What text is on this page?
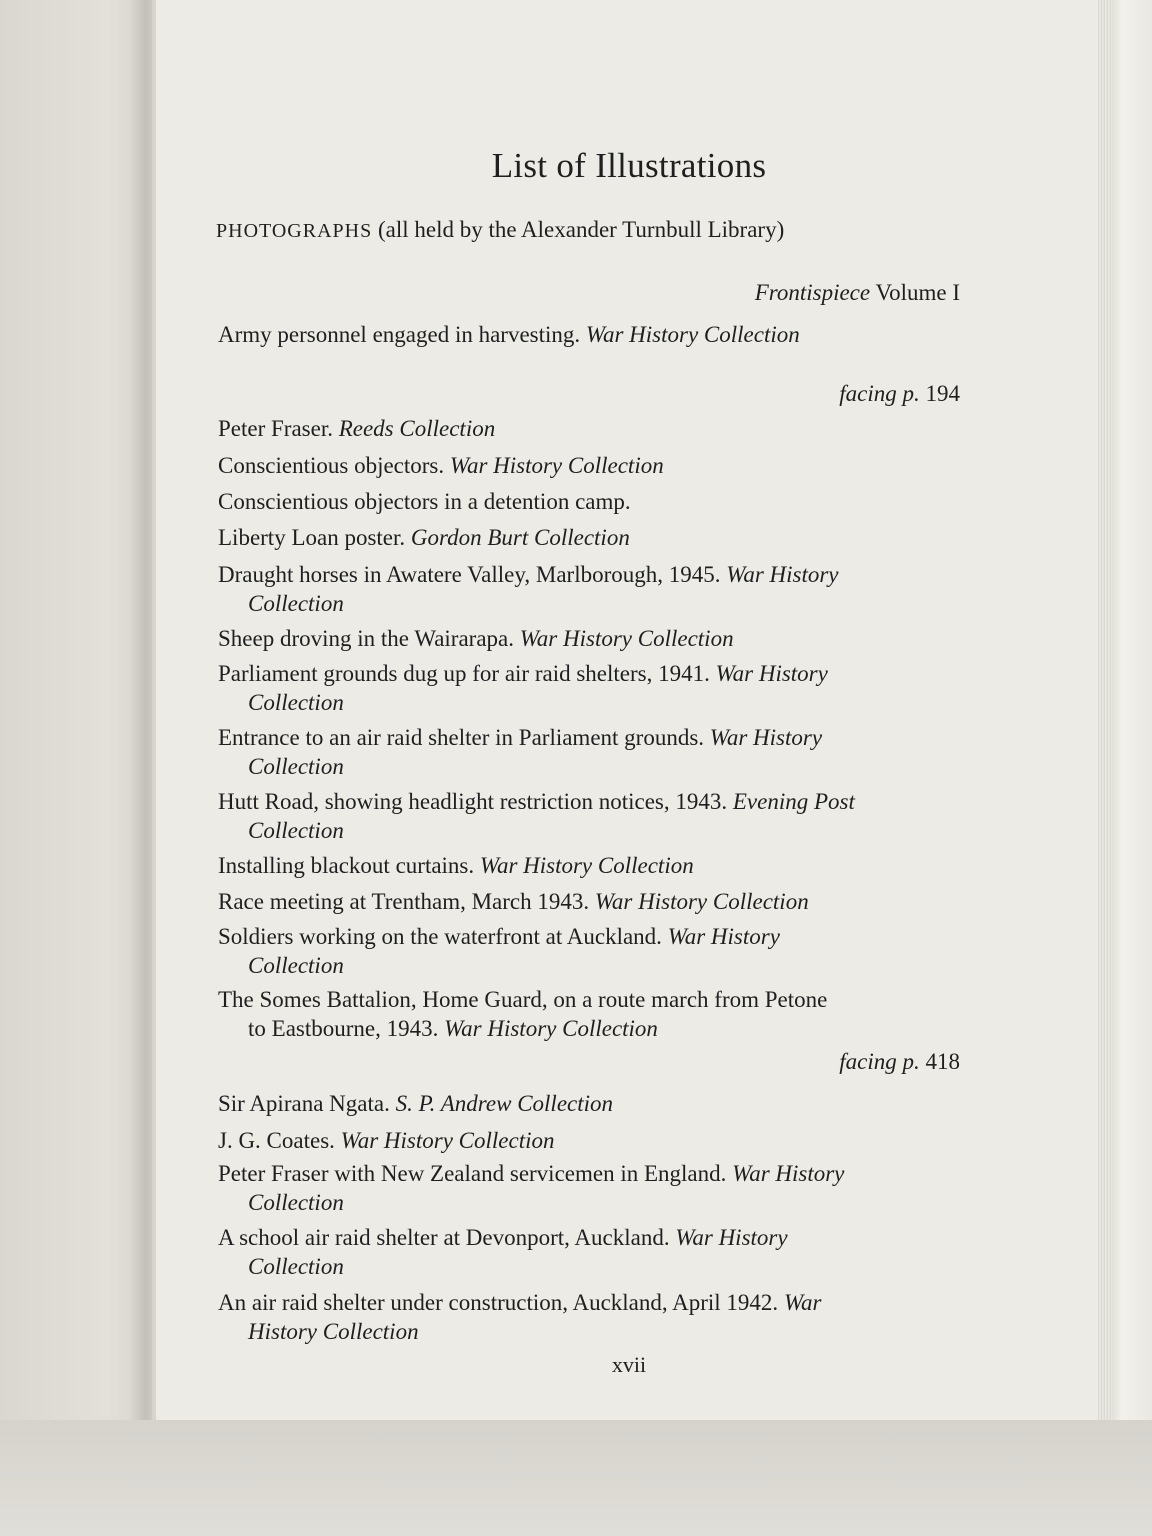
List of Illustrations
PHOTOGRAPHS (all held by the Alexander Turnbull Library)
Frontispiece Volume I
Army personnel engaged in harvesting. War History Collection
facing p. 194
Peter Fraser. Reeds Collection
Conscientious objectors. War History Collection
Conscientious objectors in a detention camp.
Liberty Loan poster. Gordon Burt Collection
Draught horses in Awatere Valley, Marlborough, 1945. War History
Collection
Sheep droving in the Wairarapa. War History Collection
Parliament grounds dug up for air raid shelters, 1941. War History
Collection
Entrance to an air raid shelter in Parliament grounds. War History
Collection
Hutt Road, showing headlight restriction notices, 1943. Evening Post
Collection
Installing blackout curtains. War History Collection
Race meeting at Trentham, March 1943. War History Collection
Soldiers working on the waterfront at Auckland. War History
Collection
The Somes Battalion, Home Guard, on a route march from Petone
to Eastbourne, 1943. War History Collection
facing p. 418
Sir Apirana Ngata. S. P. Andrew Collection
J. G. Coates. War History Collection
Peter Fraser with New Zealand servicemen in England. War History
Collection
A school air raid shelter at Devonport, Auckland. War History
Collection
An air raid shelter under construction, Auckland, April 1942. War
History Collection
xvii
